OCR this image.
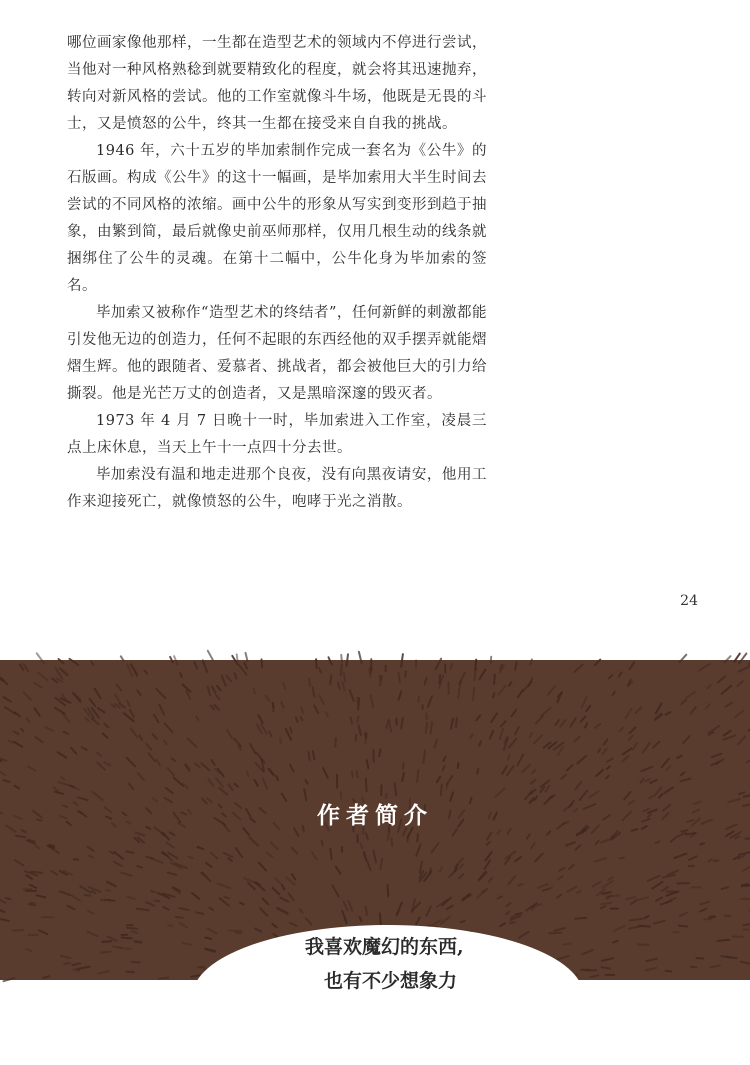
哪位画家像他那样，一生都在造型艺术的领域内不停进行尝试，当他对一种风格熟稔到就要精致化的程度，就会将其迅速抛弃，转向对新风格的尝试。他的工作室就像斗牛场，他既是无畏的斗士，又是愤怒的公牛，终其一生都在接受来自自我的挑战。

1946 年，六十五岁的毕加索制作完成一套名为《公牛》的石版画。构成《公牛》的这十一幅画，是毕加索用大半生时间去尝试的不同风格的浓缩。画中公牛的形象从写实到变形到趋于抽象，由繁到简，最后就像史前巫师那样，仅用几根生动的线条就捆绑住了公牛的灵魂。在第十二幅中，公牛化身为毕加索的签名。

毕加索又被称作“造型艺术的终结者”，任何新鲜的刺激都能引发他无边的创造力，任何不起眼的东西经他的双手摆弄就能熠熠生辉。他的跟随者、爱慕者、挑战者，都会被他巨大的引力给撕裂。他是光芒万丈的创造者，又是黑暗深邃的毁灭者。

1973 年 4 月 7 日晚十一时，毕加索进入工作室，凌晨三点上床休息，当天上午十一点四十分去世。

毕加索没有温和地走进那个良夜，没有向黑夜请安，他用工作来迎接死亡，就像愤怒的公牛，咆哮于光之消散。

24
作者简介
我喜欢魔幻的东西,
　也有不少想象力
